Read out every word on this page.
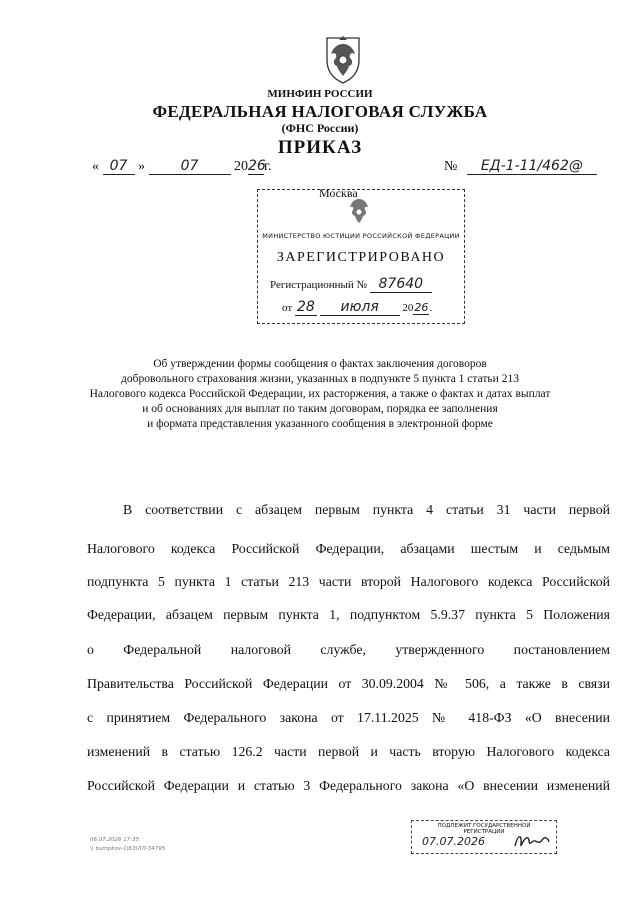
МИНФИН РОССИИ
ФЕДЕРАЛЬНАЯ НАЛОГОВАЯ СЛУЖБА
(ФНС России)
ПРИКАЗ
« 07 »	07	2026г.	№ ЕД-1-11/462@
МИНИСТЕРСТВО ЮСТИЦИИ РОССИЙСКОЙ ФЕДЕРАЦИИ
ЗАРЕГИСТРИРОВАНО
Регистрационный № 87640
от 28 июля 2026.
Москва
Об утверждении формы сообщения о фактах заключения договоров
добровольного страхования жизни, указанных в подпункте 5 пункта 1 статьи 213
Налогового кодекса Российской Федерации, их расторжения, а также о фактах и датах выплат
и об основаниях для выплат по таким договорам, порядка ее заполнения
и формата представления указанного сообщения в электронной форме
В соответствии с абзацем первым пункта 4 статьи 31 части первой
Налогового кодекса Российской Федерации, абзацами шестым и седьмым
подпункта 5 пункта 1 статьи 213 части второй Налогового кодекса Российской
Федерации, абзацем первым пункта 1, подпунктом 5.9.37 пункта 5 Положения
о Федеральной налоговой службе, утвержденного постановлением
Правительства Российской Федерации от 30.09.2004 № 506, а также в связи
с принятием Федерального закона от 17.11.2025 № 418-ФЗ «О внесении
изменений в статью 126.2 части первой и часть вторую Налогового кодекса
Российской Федерации и статью 3 Федерального закона «О внесении изменений
06.07.2026 17:35
\\ bumpkov-1\Б3\ЛЛ-34795
ПОДЛЕЖИТ ГОСУДАРСТВЕННОЙ
РЕГИСТРАЦИИ
07.07.2026
